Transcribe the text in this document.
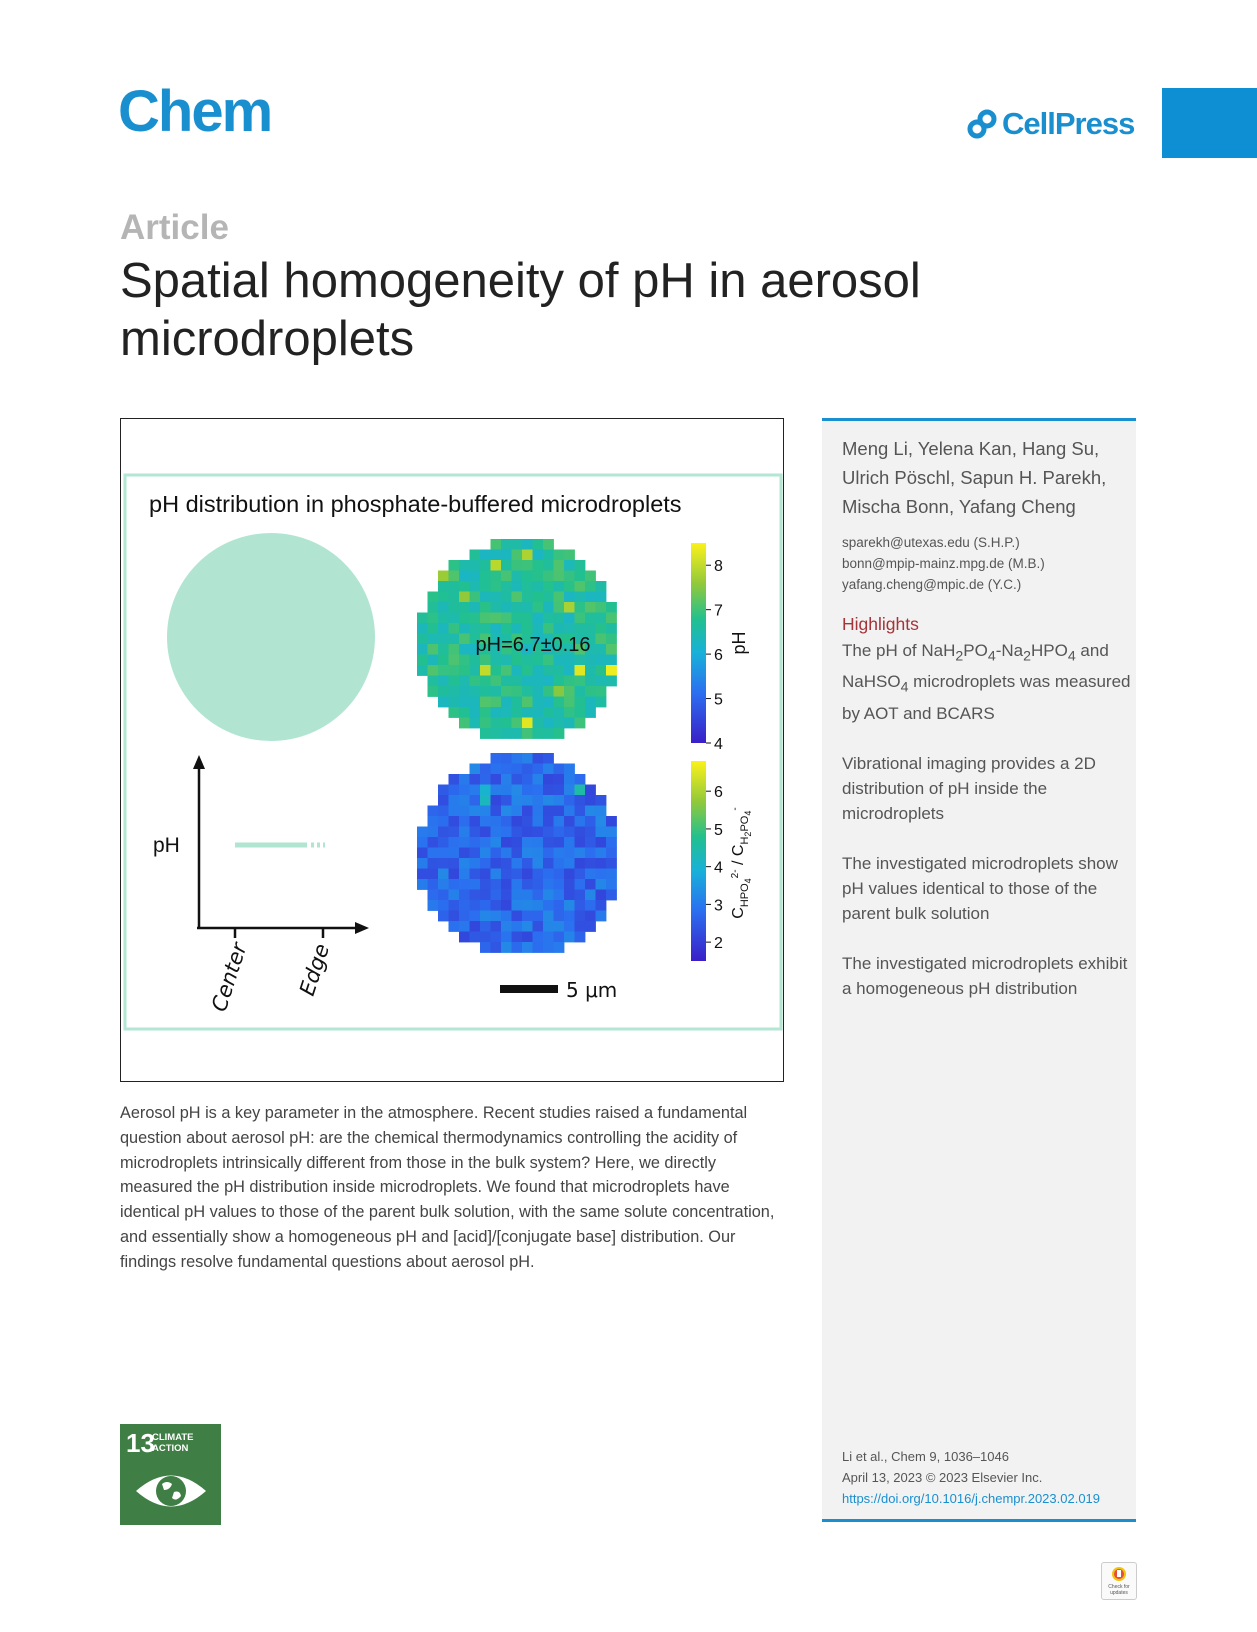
Chem	CellPress
Article
Spatial homogeneity of pH in aerosol microdroplets
pH distribution in phosphate-buffered microdroplets
pH=6.7±0.16
8
7
6
5
4
pH
6
5
4
3
2
$C_{HPO}4^{2-} / C_H2PO4^-$
pH
Center Edge	5 μm
Aerosol pH is a key parameter in the atmosphere. Recent studies raised a fundamental question about aerosol pH: are the chemical thermodynamics controlling the acidity of microdroplets intrinsically different from those in the bulk system? Here, we directly measured the pH distribution inside microdroplets. We found that microdroplets have identical pH values to those of the parent bulk solution, with the same solute concentration, and essentially show a homogeneous pH and [acid]/[conjugate base] distribution. Our findings resolve fundamental questions about aerosol pH.
Meng Li, Yelena Kan, Hang Su, Ulrich Pöschl, Sapun H. Parekh, Mischa Bonn, Yafang Cheng
sparekh@utexas.edu (S.H.P.)
bonn@mpip-mainz.mpg.de (M.B.)
yafang.cheng@mpic.de (Y.C.)
Highlights

The pH of $NaH_2PO_4-Na_2HPO_4$ and NaHSO$_4$ microdroplets was measured by AOT and BCARS

Vibrational imaging provides a 2D distribution of pH inside the microdroplets

The investigated microdroplets show pH values identical to those of the parent bulk solution

The investigated microdroplets exhibit a homogeneous pH distribution

Li et al., Chem 9, 1036–1046
April 13, 2023 © 2023 Elsevier Inc.
https://doi.org/10.1016/j.chempr.2023.02.019
13
CLIMATE
ACTION
Check for updates
